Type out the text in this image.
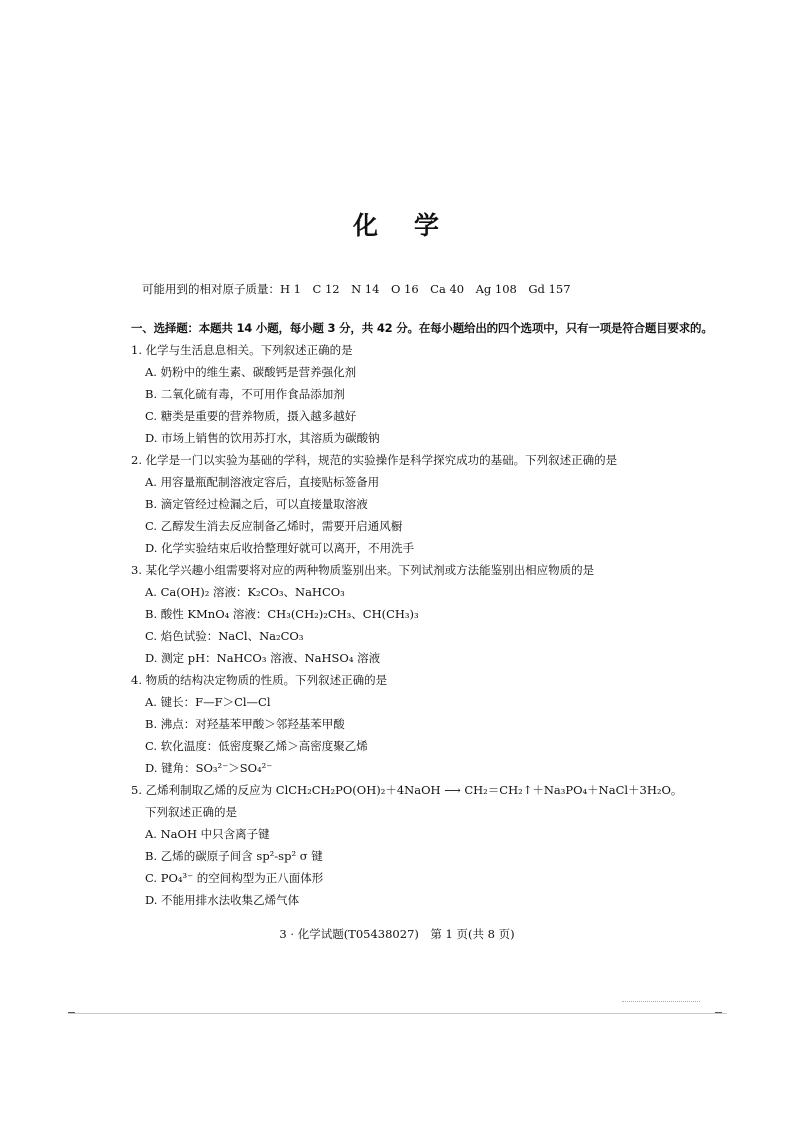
化 学
可能用到的相对原子质量：H 1　C 12　N 14　O 16　Ca 40　Ag 108　Gd 157
一、选择题：本题共 14 小题，每小题 3 分，共 42 分。在每小题给出的四个选项中，只有一项是符合题目要求的。
1. 化学与生活息息相关。下列叙述正确的是
A. 奶粉中的维生素、碳酸钙是营养强化剂
B. 二氧化硫有毒，不可用作食品添加剂
C. 糖类是重要的营养物质，摄入越多越好
D. 市场上销售的饮用苏打水，其溶质为碳酸钠
2. 化学是一门以实验为基础的学科，规范的实验操作是科学探究成功的基础。下列叙述正确的是
A. 用容量瓶配制溶液定容后，直接贴标签备用
B. 滴定管经过检漏之后，可以直接量取溶液
C. 乙醇发生消去反应制备乙烯时，需要开启通风橱
D. 化学实验结束后收拾整理好就可以离开，不用洗手
3. 某化学兴趣小组需要将对应的两种物质鉴别出来。下列试剂或方法能鉴别出相应物质的是
A. Ca(OH)₂ 溶液：K₂CO₃、NaHCO₃
B. 酸性 KMnO₄ 溶液：CH₃(CH₂)₂CH₃、CH(CH₃)₃
C. 焰色试验：NaCl、Na₂CO₃
D. 测定 pH：NaHCO₃ 溶液、NaHSO₄ 溶液
4. 物质的结构决定物质的性质。下列叙述正确的是
A. 键长：F—F＞Cl—Cl
B. 沸点：对羟基苯甲酸＞邻羟基苯甲酸
C. 软化温度：低密度聚乙烯＞高密度聚乙烯
D. 键角：SO₃²⁻＞SO₄²⁻
5. 乙烯利制取乙烯的反应为 ClCH₂CH₂PO(OH)₂＋4NaOH ⟶ CH₂＝CH₂↑＋Na₃PO₄＋NaCl＋3H₂O。
下列叙述正确的是
A. NaOH 中只含离子键
B. 乙烯的碳原子间含 sp²-sp² σ 键
C. PO₄³⁻ 的空间构型为正八面体形
D. 不能用排水法收集乙烯气体
3 · 化学试题(T05438027)　第 1 页(共 8 页)
